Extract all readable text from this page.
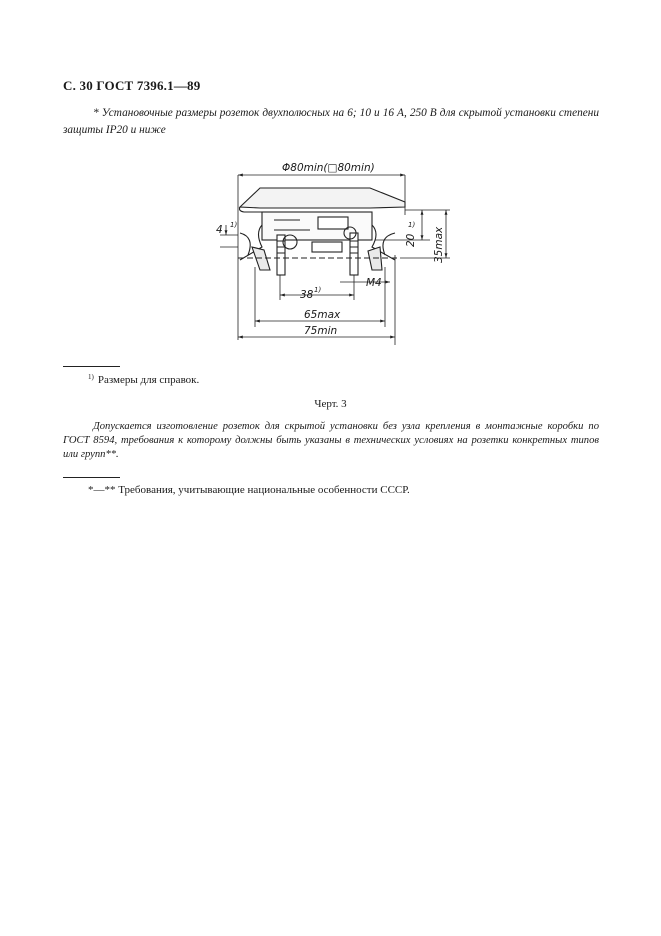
С. 30 ГОСТ 7396.1—89
* Установочные размеры розеток двухполюсных на 6; 10 и 16 А, 250 В для скрытой установки степени защиты IP20 и ниже
Φ80min(□80min)
4
20 35max
38
M4
65max
75min
1)	1)
1)
$^{1)}$ Размеры для справок.
Черт. 3
Допускается изготовление розеток для скрытой установки без узла крепления в монтажные коробки по ГОСТ 8594, требования к которому должны быть указаны в технических условиях на розетки конкретных типов или групп**.
*—** Требования, учитывающие национальные особенности СССР.
